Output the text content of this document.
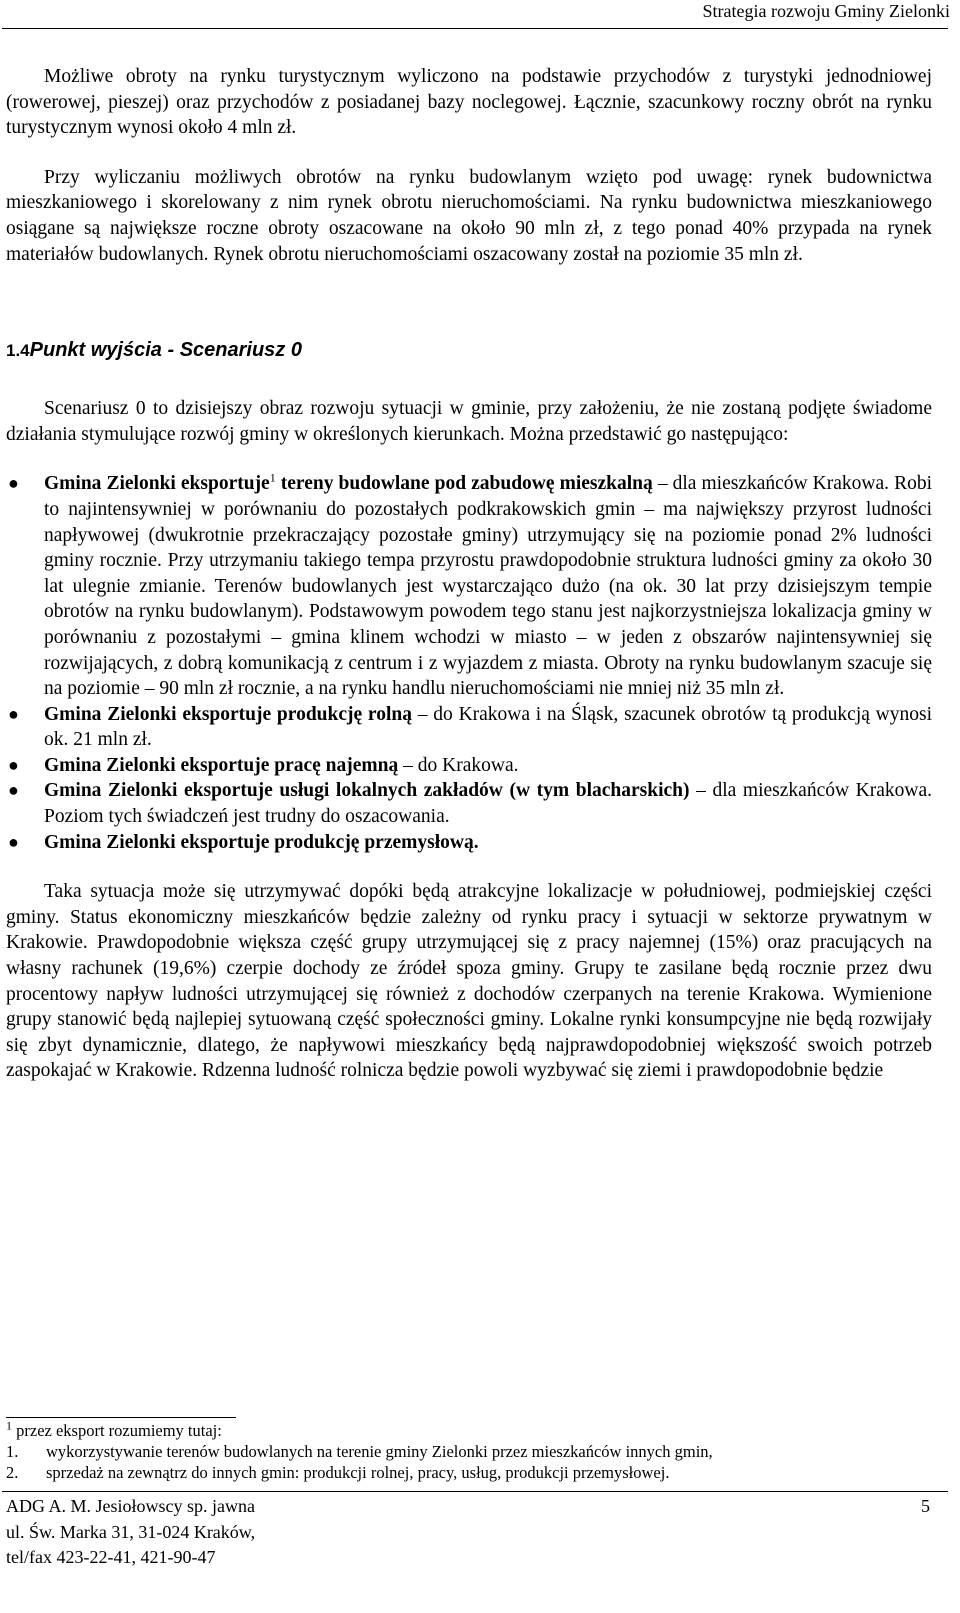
Strategia rozwoju Gminy Zielonki

Możliwe obroty na rynku turystycznym wyliczono na podstawie przychodów z turystyki jednodniowej (rowerowej, pieszej) oraz przychodów z posiadanej bazy noclegowej. Łącznie, szacunkowy roczny obrót na rynku turystycznym wynosi około 4 mln zł.

Przy wyliczaniu możliwych obrotów na rynku budowlanym wzięto pod uwagę: rynek budownictwa mieszkaniowego i skorelowany z nim rynek obrotu nieruchomościami. Na rynku budownictwa mieszkaniowego osiągane są największe roczne obroty oszacowane na około 90 mln zł, z tego ponad 40% przypada na rynek materiałów budowlanych. Rynek obrotu nieruchomościami oszacowany został na poziomie 35 mln zł.

1.4Punkt wyjścia - Scenariusz 0

Scenariusz 0 to dzisiejszy obraz rozwoju sytuacji w gminie, przy założeniu, że nie zostaną podjęte świadome działania stymulujące rozwój gminy w określonych kierunkach. Można przedstawić go następująco:

● Gmina Zielonki eksportuje$^1$ tereny budowlane pod zabudowę mieszkalną – dla mieszkańców Krakowa. Robi to najintensywniej w porównaniu do pozostałych podkrakowskich gmin – ma największy przyrost ludności napływowej (dwukrotnie przekraczający pozostałe gminy) utrzymujący się na poziomie ponad 2% ludności gminy rocznie. Przy utrzymaniu takiego tempa przyrostu prawdopodobnie struktura ludności gminy za około 30 lat ulegnie zmianie. Terenów budowlanych jest wystarczająco dużo (na ok. 30 lat przy dzisiejszym tempie obrotów na rynku budowlanym). Podstawowym powodem tego stanu jest najkorzystniejsza lokalizacja gminy w porównaniu z pozostałymi – gmina klinem wchodzi w miasto – w jeden z obszarów najintensywniej się rozwijających, z dobrą komunikacją z centrum i z wyjazdem z miasta. Obroty na rynku budowlanym szacuje się na poziomie – 90 mln zł rocznie, a na rynku handlu nieruchomościami nie mniej niż 35 mln zł.
● Gmina Zielonki eksportuje produkcję rolną – do Krakowa i na Śląsk, szacunek obrotów tą produkcją wynosi ok. 21 mln zł.
● Gmina Zielonki eksportuje pracę najemną – do Krakowa.
● Gmina Zielonki eksportuje usługi lokalnych zakładów (w tym blacharskich) – dla mieszkańców Krakowa. Poziom tych świadczeń jest trudny do oszacowania.
● Gmina Zielonki eksportuje produkcję przemysłową.

Taka sytuacja może się utrzymywać dopóki będą atrakcyjne lokalizacje w południowej, podmiejskiej części gminy. Status ekonomiczny mieszkańców będzie zależny od rynku pracy i sytuacji w sektorze prywatnym w Krakowie. Prawdopodobnie większa część grupy utrzymującej się z pracy najemnej (15%) oraz pracujących na własny rachunek (19,6%) czerpie dochody ze źródeł spoza gminy. Grupy te zasilane będą rocznie przez dwu procentowy napływ ludności utrzymującej się również z dochodów czerpanych na terenie Krakowa. Wymienione grupy stanowić będą najlepiej sytuowaną część społeczności gminy. Lokalne rynki konsumpcyjne nie będą rozwijały się zbyt dynamicznie, dlatego, że napływowi mieszkańcy będą najprawdopodobniej większość swoich potrzeb zaspokajać w Krakowie. Rdzenna ludność rolnicza będzie powoli wyzbywać się ziemi i prawdopodobnie będzie

$^1$ przez eksport rozumiemy tutaj:

1. wykorzystywanie terenów budowlanych na terenie gminy Zielonki przez mieszkańców innych gmin,

2. sprzedaż na zewnątrz do innych gmin: produkcji rolnej, pracy, usług, produkcji przemysłowej.

ADG A. M. Jesiołowscy sp. jawna

ul. Św. Marka 31, 31-024 Kraków,

tel/fax 423-22-41, 421-90-47

5
